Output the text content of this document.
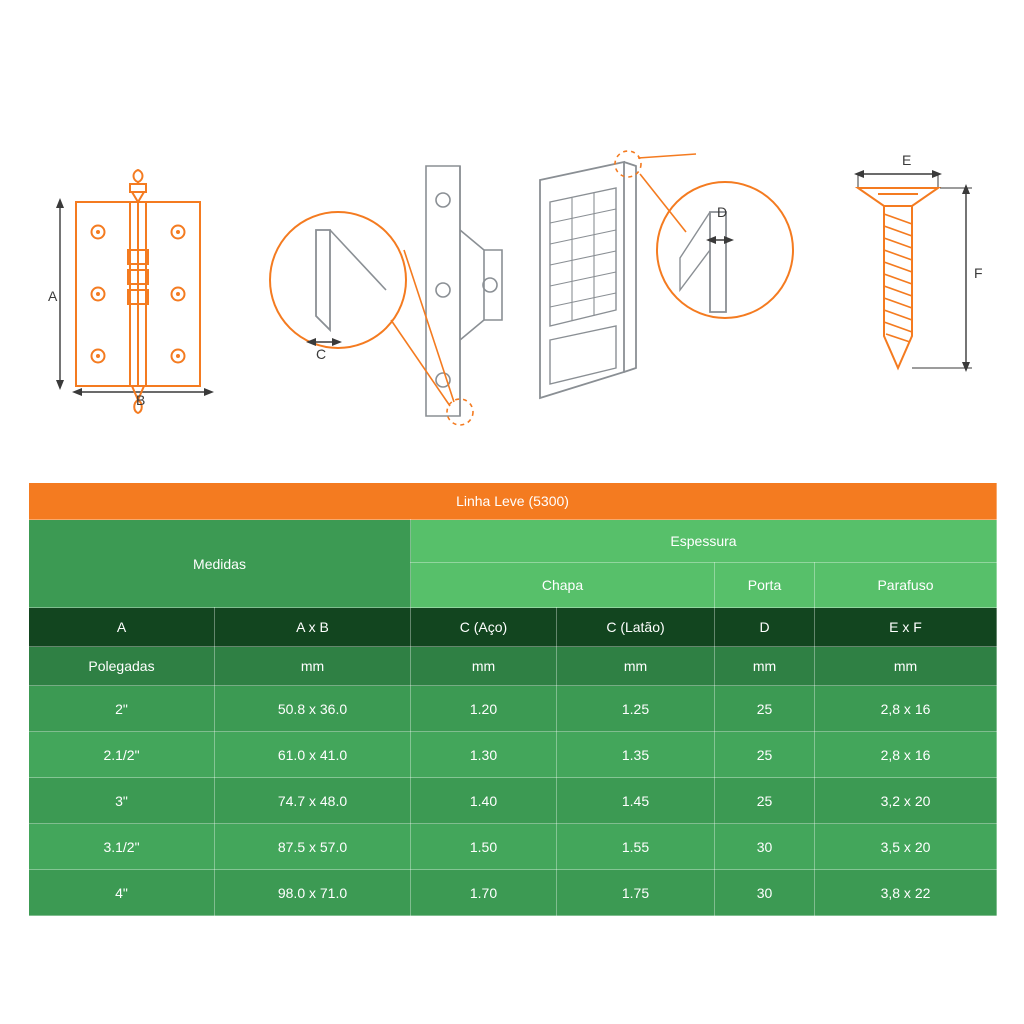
A
B
C
D
E
F
Linha Leve (5300)					
Medidas		Espessura			
		Chapa		Porta	Parafuso
A	A x B	C (Aço)	C (Latão)	D	E x F
Polegadas	mm	mm	mm	mm	mm
2"	50.8 x 36.0	1.20	1.25	25	2,8 x 16
2.1/2"	61.0 x 41.0	1.30	1.35	25	2,8 x 16
3"	74.7 x 48.0	1.40	1.45	25	3,2 x 20
3.1/2"	87.5 x 57.0	1.50	1.55	30	3,5 x 20
4"	98.0 x 71.0	1.70	1.75	30	3,8 x 22
